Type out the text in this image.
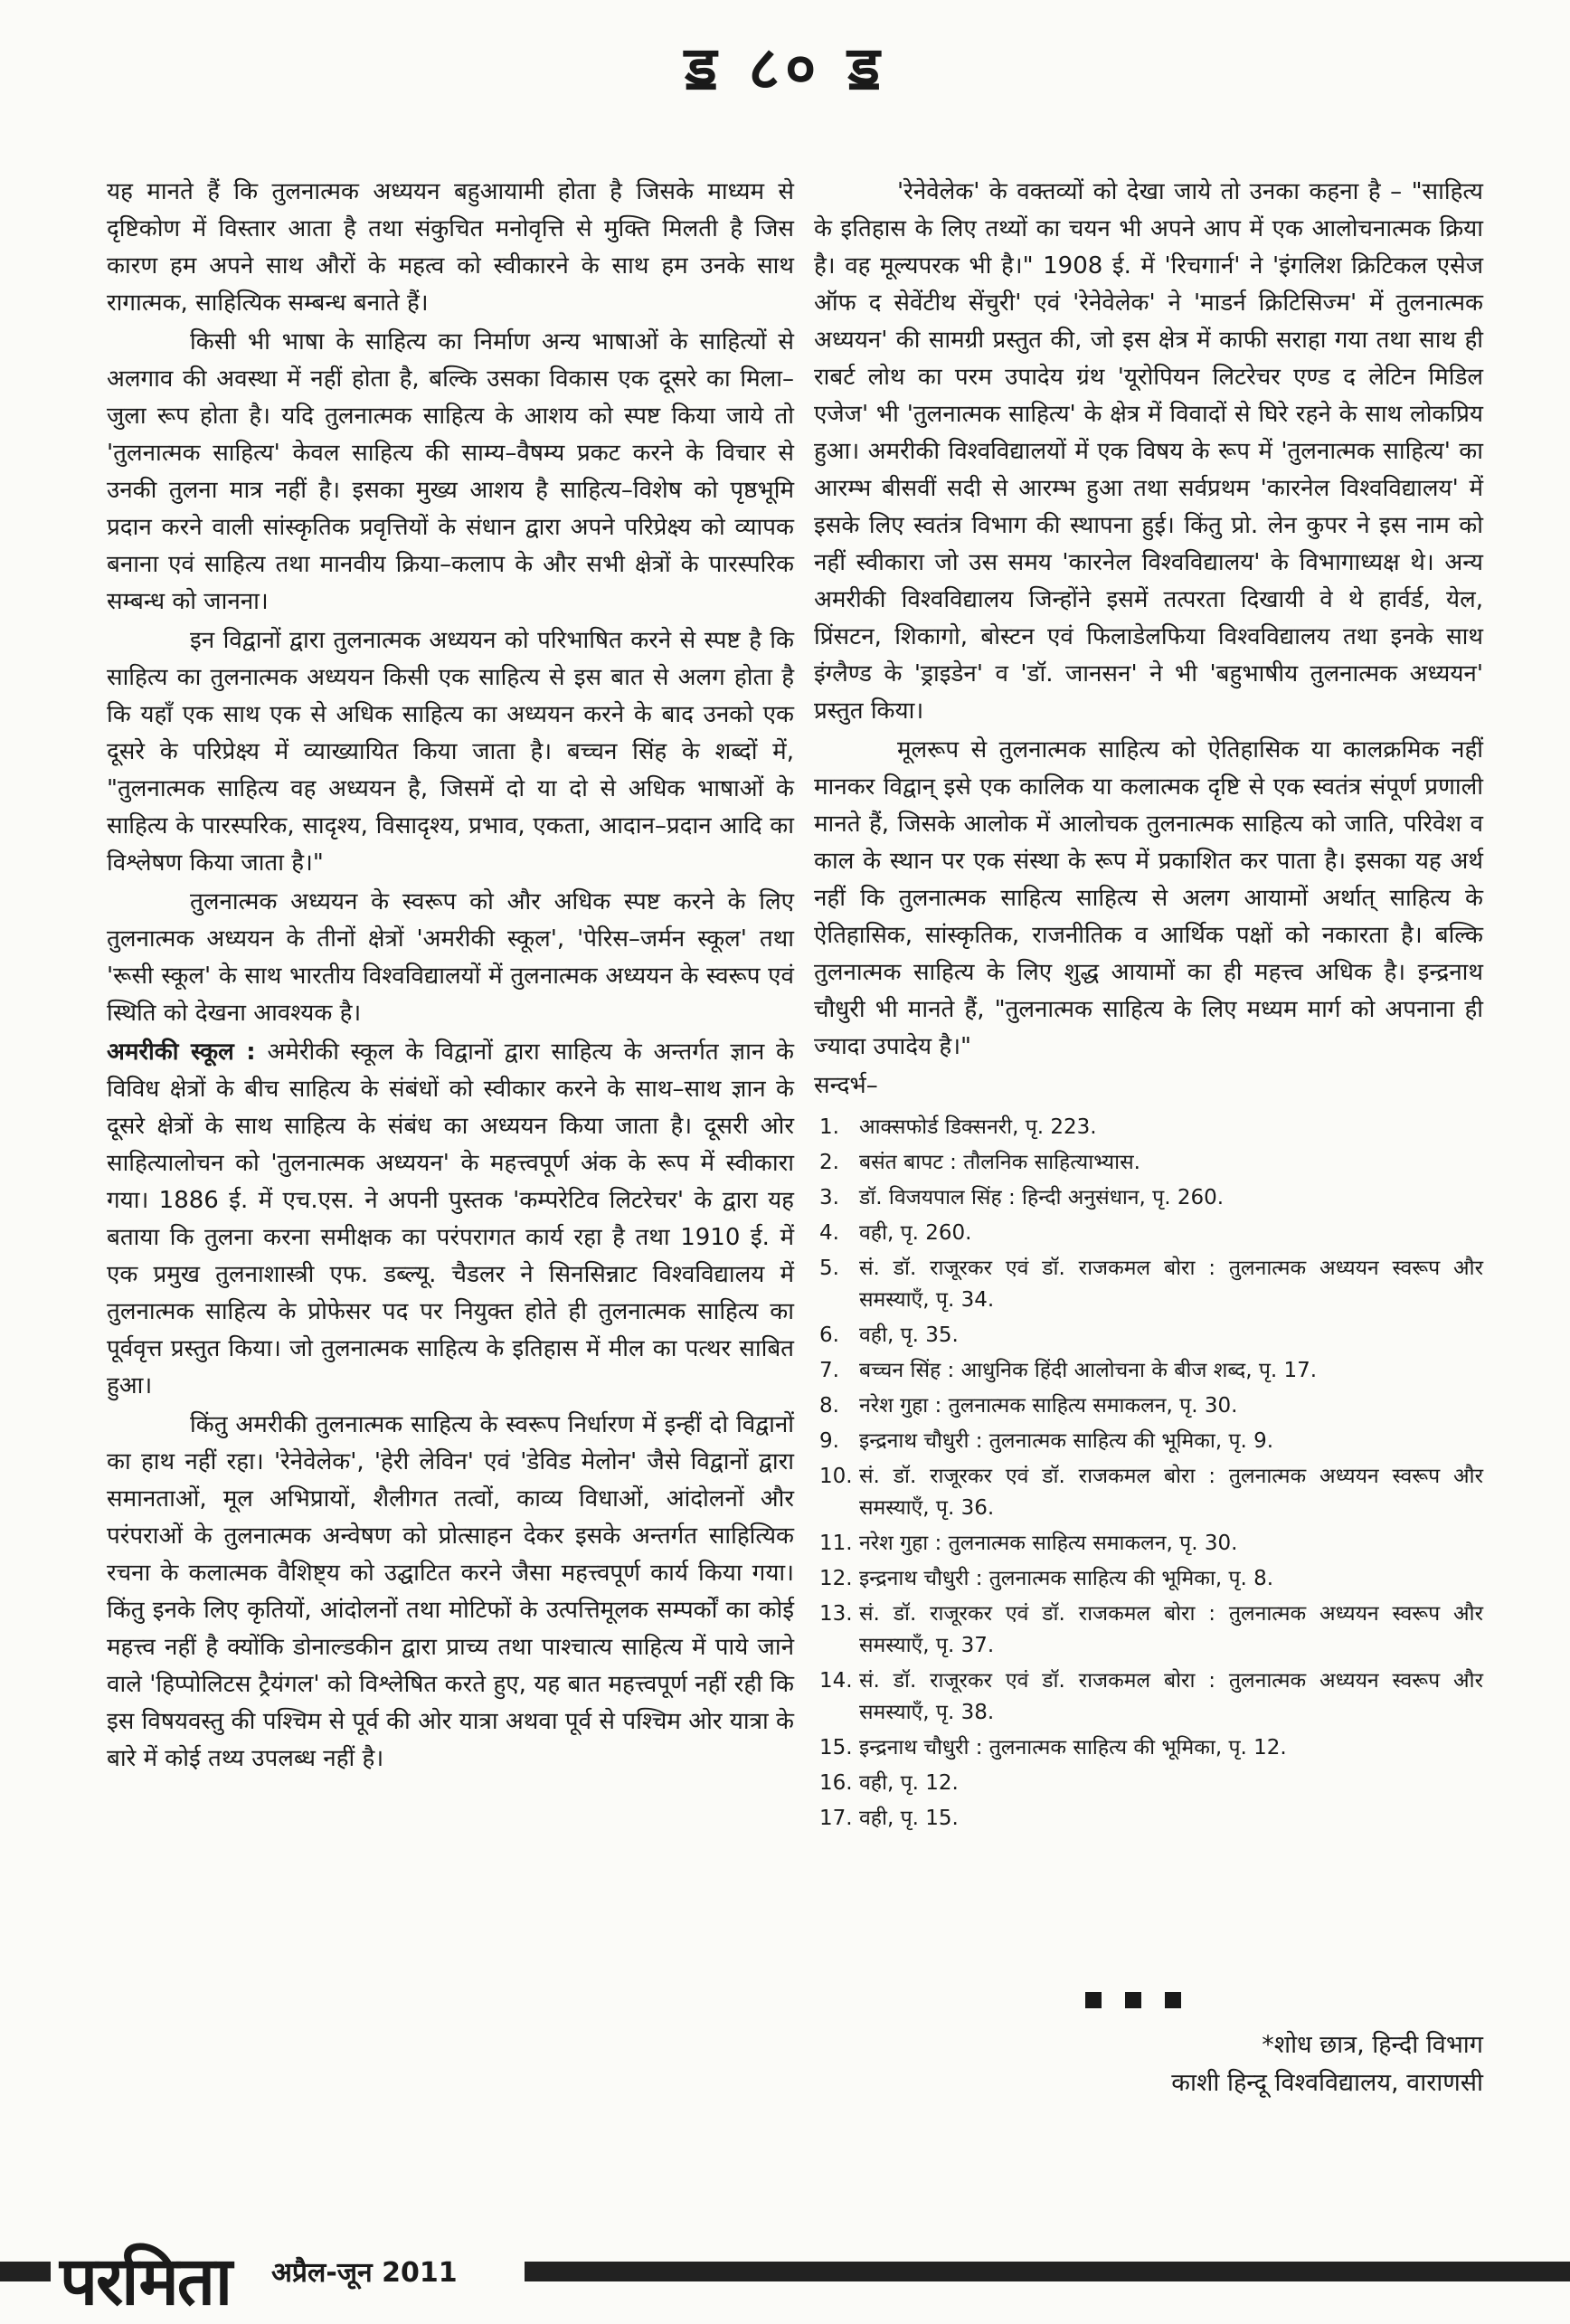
ॾ ८० ॾ

यह मानते हैं कि तुलनात्मक अध्ययन बहुआयामी होता है जिसके माध्यम से दृष्टिकोण में विस्तार आता है तथा संकुचित मनोवृत्ति से मुक्ति मिलती है जिस कारण हम अपने साथ औरों के महत्व को स्वीकारने के साथ हम उनके साथ रागात्मक, साहित्यिक सम्बन्ध बनाते हैं।

किसी भी भाषा के साहित्य का निर्माण अन्य भाषाओं के साहित्यों से अलगाव की अवस्था में नहीं होता है, बल्कि उसका विकास एक दूसरे का मिला–जुला रूप होता है। यदि तुलनात्मक साहित्य के आशय को स्पष्ट किया जाये तो 'तुलनात्मक साहित्य' केवल साहित्य की साम्य–वैषम्य प्रकट करने के विचार से उनकी तुलना मात्र नहीं है। इसका मुख्य आशय है साहित्य–विशेष को पृष्ठभूमि प्रदान करने वाली सांस्कृतिक प्रवृत्तियों के संधान द्वारा अपने परिप्रेक्ष्य को व्यापक बनाना एवं साहित्य तथा मानवीय क्रिया–कलाप के और सभी क्षेत्रों के पारस्परिक सम्बन्ध को जानना।

इन विद्वानों द्वारा तुलनात्मक अध्ययन को परिभाषित करने से स्पष्ट है कि साहित्य का तुलनात्मक अध्ययन किसी एक साहित्य से इस बात से अलग होता है कि यहाँ एक साथ एक से अधिक साहित्य का अध्ययन करने के बाद उनको एक दूसरे के परिप्रेक्ष्य में व्याख्यायित किया जाता है। बच्चन सिंह के शब्दों में, "तुलनात्मक साहित्य वह अध्ययन है, जिसमें दो या दो से अधिक भाषाओं के साहित्य के पारस्परिक, सादृश्य, विसादृश्य, प्रभाव, एकता, आदान–प्रदान आदि का विश्लेषण किया जाता है।"

तुलनात्मक अध्ययन के स्वरूप को और अधिक स्पष्ट करने के लिए तुलनात्मक अध्ययन के तीनों क्षेत्रों 'अमरीकी स्कूल', 'पेरिस–जर्मन स्कूल' तथा 'रूसी स्कूल' के साथ भारतीय विश्वविद्यालयों में तुलनात्मक अध्ययन के स्वरूप एवं स्थिति को देखना आवश्यक है।

अमरीकी स्कूल : अमेरीकी स्कूल के विद्वानों द्वारा साहित्य के अन्तर्गत ज्ञान के विविध क्षेत्रों के बीच साहित्य के संबंधों को स्वीकार करने के साथ–साथ ज्ञान के दूसरे क्षेत्रों के साथ साहित्य के संबंध का अध्ययन किया जाता है। दूसरी ओर साहित्यालोचन को 'तुलनात्मक अध्ययन' के महत्त्वपूर्ण अंक के रूप में स्वीकारा गया। 1886 ई. में एच.एस. ने अपनी पुस्तक 'कम्परेटिव लिटरेचर' के द्वारा यह बताया कि तुलना करना समीक्षक का परंपरागत कार्य रहा है तथा 1910 ई. में एक प्रमुख तुलनाशास्त्री एफ. डब्ल्यू. चैडलर ने सिनसिन्नाट विश्वविद्यालय में तुलनात्मक साहित्य के प्रोफेसर पद पर नियुक्त होते ही तुलनात्मक साहित्य का पूर्ववृत्त प्रस्तुत किया। जो तुलनात्मक साहित्य के इतिहास में मील का पत्थर साबित हुआ।

किंतु अमरीकी तुलनात्मक साहित्य के स्वरूप निर्धारण में इन्हीं दो विद्वानों का हाथ नहीं रहा। 'रेनेवेलेक', 'हेरी लेविन' एवं 'डेविड मेलोन' जैसे विद्वानों द्वारा समानताओं, मूल अभिप्रायों, शैलीगत तत्वों, काव्य विधाओं, आंदोलनों और परंपराओं के तुलनात्मक अन्वेषण को प्रोत्साहन देकर इसके अन्तर्गत साहित्यिक रचना के कलात्मक वैशिष्ट्य को उद्घाटित करने जैसा महत्त्वपूर्ण कार्य किया गया। किंतु इनके लिए कृतियों, आंदोलनों तथा मोटिफों के उत्पत्तिमूलक सम्पर्कों का कोई महत्त्व नहीं है क्योंकि डोनाल्डकीन द्वारा प्राच्य तथा पाश्चात्य साहित्य में पाये जाने वाले 'हिप्पोलिटस ट्रैयंगल' को विश्लेषित करते हुए, यह बात महत्त्वपूर्ण नहीं रही कि इस विषयवस्तु की पश्चिम से पूर्व की ओर यात्रा अथवा पूर्व से पश्चिम ओर यात्रा के बारे में कोई तथ्य उपलब्ध नहीं है।

'रेनेवेलेक' के वक्तव्यों को देखा जाये तो उनका कहना है – "साहित्य के इतिहास के लिए तथ्यों का चयन भी अपने आप में एक आलोचनात्मक क्रिया है। वह मूल्यपरक भी है।" 1908 ई. में 'रिचगार्न' ने 'इंगलिश क्रिटिकल एसेज ऑफ द सेवेंटीथ सेंचुरी' एवं 'रेनेवेलेक' ने 'माडर्न क्रिटिसिज्म' में तुलनात्मक अध्ययन' की सामग्री प्रस्तुत की, जो इस क्षेत्र में काफी सराहा गया तथा साथ ही राबर्ट लोथ का परम उपादेय ग्रंथ 'यूरोपियन लिटरेचर एण्ड द लेटिन मिडिल एजेज' भी 'तुलनात्मक साहित्य' के क्षेत्र में विवादों से घिरे रहने के साथ लोकप्रिय हुआ। अमरीकी विश्वविद्यालयों में एक विषय के रूप में 'तुलनात्मक साहित्य' का आरम्भ बीसवीं सदी से आरम्भ हुआ तथा सर्वप्रथम 'कारनेल विश्वविद्यालय' में इसके लिए स्वतंत्र विभाग की स्थापना हुई। किंतु प्रो. लेन कुपर ने इस नाम को नहीं स्वीकारा जो उस समय 'कारनेल विश्वविद्यालय' के विभागाध्यक्ष थे। अन्य अमरीकी विश्वविद्यालय जिन्होंने इसमें तत्परता दिखायी वे थे हार्वर्ड, येल, प्रिंसटन, शिकागो, बोस्टन एवं फिलाडेलफिया विश्वविद्यालय तथा इनके साथ इंग्लैण्ड के 'ड्राइडेन' व 'डॉ. जानसन' ने भी 'बहुभाषीय तुलनात्मक अध्ययन' प्रस्तुत किया।

मूलरूप से तुलनात्मक साहित्य को ऐतिहासिक या कालक्रमिक नहीं मानकर विद्वान् इसे एक कालिक या कलात्मक दृष्टि से एक स्वतंत्र संपूर्ण प्रणाली मानते हैं, जिसके आलोक में आलोचक तुलनात्मक साहित्य को जाति, परिवेश व काल के स्थान पर एक संस्था के रूप में प्रकाशित कर पाता है। इसका यह अर्थ नहीं कि तुलनात्मक साहित्य साहित्य से अलग आयामों अर्थात् साहित्य के ऐतिहासिक, सांस्कृतिक, राजनीतिक व आर्थिक पक्षों को नकारता है। बल्कि तुलनात्मक साहित्य के लिए शुद्ध आयामों का ही महत्त्व अधिक है। इन्द्रनाथ चौधुरी भी मानते हैं, "तुलनात्मक साहित्य के लिए मध्यम मार्ग को अपनाना ही ज्यादा उपादेय है।"

सन्दर्भ–
1. आक्सफोर्ड डिक्सनरी, पृ. 223.
2. बसंत बापट : तौलनिक साहित्याभ्यास.
3. डॉ. विजयपाल सिंह : हिन्दी अनुसंधान, पृ. 260.
4. वही, पृ. 260.
5. सं. डॉ. राजूरकर एवं डॉ. राजकमल बोरा : तुलनात्मक अध्ययन स्वरूप और समस्याएँ, पृ. 34.
6. वही, पृ. 35.
7. बच्चन सिंह : आधुनिक हिंदी आलोचना के बीज शब्द, पृ. 17.
8. नरेश गुहा : तुलनात्मक साहित्य समाकलन, पृ. 30.
9. इन्द्रनाथ चौधुरी : तुलनात्मक साहित्य की भूमिका, पृ. 9.
10. सं. डॉ. राजूरकर एवं डॉ. राजकमल बोरा : तुलनात्मक अध्ययन स्वरूप और समस्याएँ, पृ. 36.
11. नरेश गुहा : तुलनात्मक साहित्य समाकलन, पृ. 30.
12. इन्द्रनाथ चौधुरी : तुलनात्मक साहित्य की भूमिका, पृ. 8.
13. सं. डॉ. राजूरकर एवं डॉ. राजकमल बोरा : तुलनात्मक अध्ययन स्वरूप और समस्याएँ, पृ. 37.
14. सं. डॉ. राजूरकर एवं डॉ. राजकमल बोरा : तुलनात्मक अध्ययन स्वरूप और समस्याएँ, पृ. 38.
15. इन्द्रनाथ चौधुरी : तुलनात्मक साहित्य की भूमिका, पृ. 12.
16. वही, पृ. 12.
17. वही, पृ. 15.
*शोध छात्र, हिन्दी विभाग
काशी हिन्दू विश्वविद्यालय, वाराणसी
परमिता अप्रैल-जून 2011
